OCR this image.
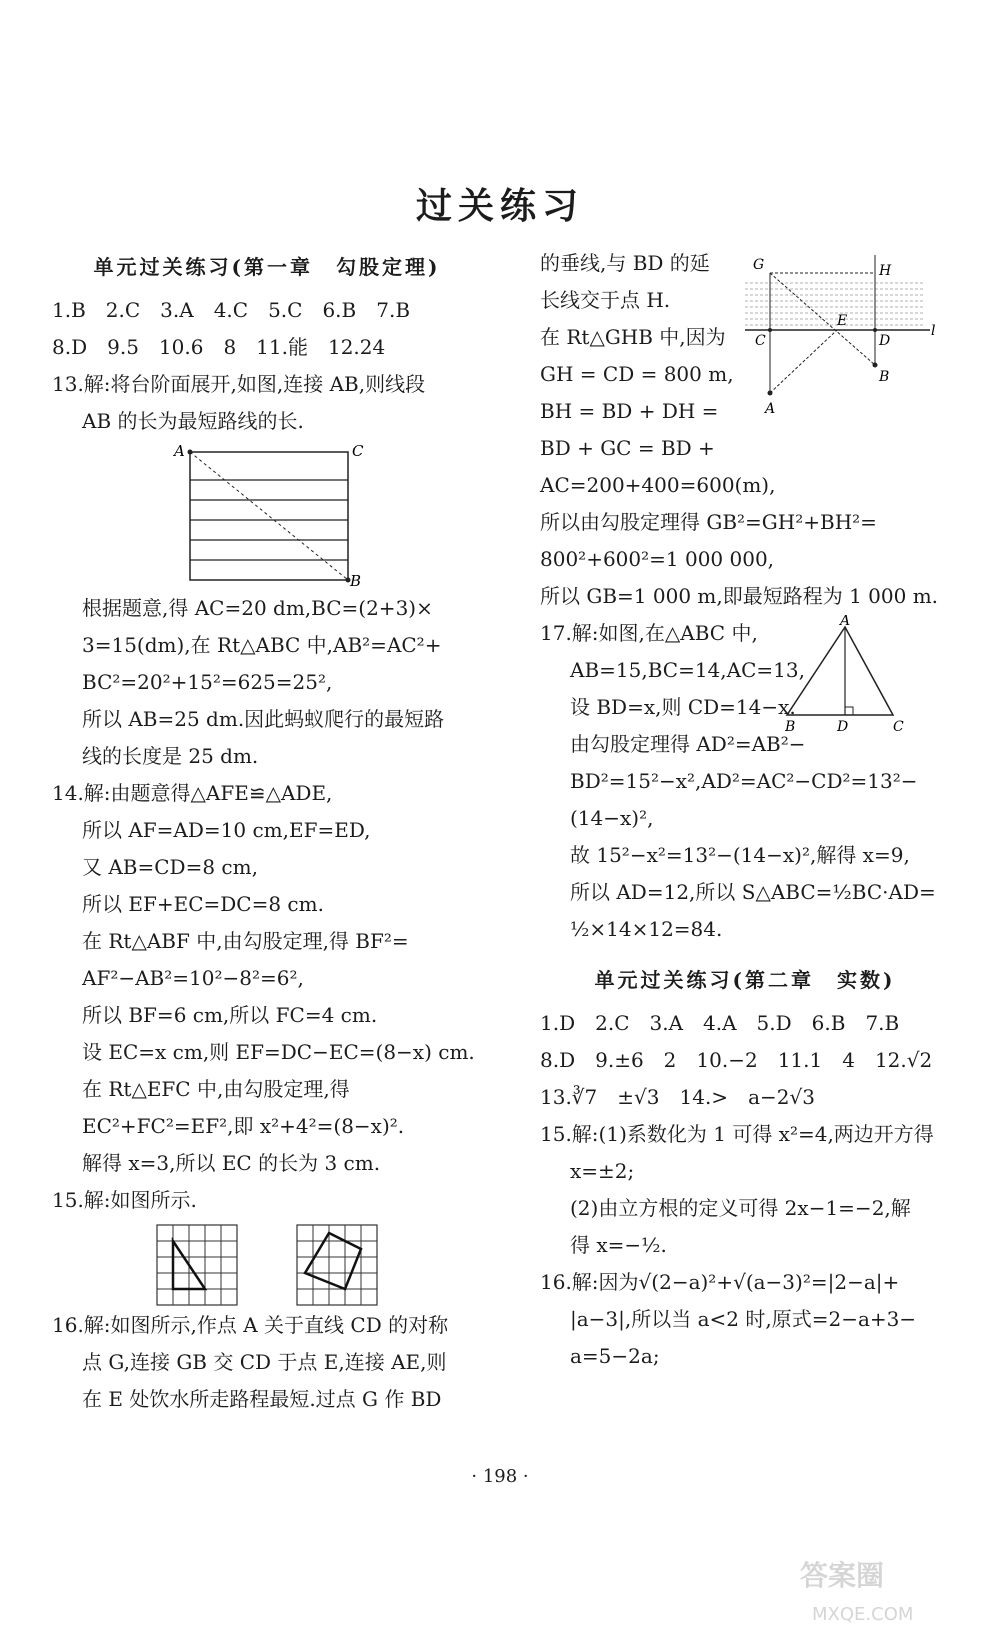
过关练习
单元过关练习(第一章　勾股定理)
1.B　2.C　3.A　4.C　5.C　6.B　7.B
8.D　9.5　10.6　8　11.能　12.24
13.解:将台阶面展开,如图,连接 AB,则线段
AB 的长为最短路线的长.
A	C
B
根据题意,得 AC=20 dm,BC=(2+3)×
3=15(dm),在 Rt△ABC 中,AB²=AC²+
BC²=20²+15²=625=25²,
所以 AB=25 dm.因此蚂蚁爬行的最短路
线的长度是 25 dm.
14.解:由题意得△AFE≌△ADE,
所以 AF=AD=10 cm,EF=ED,
又 AB=CD=8 cm,
所以 EF+EC=DC=8 cm.
在 Rt△ABF 中,由勾股定理,得 BF²=
AF²−AB²=10²−8²=6²,
所以 BF=6 cm,所以 FC=4 cm.
设 EC=x cm,则 EF=DC−EC=(8−x) cm.
在 Rt△EFC 中,由勾股定理,得
EC²+FC²=EF²,即 x²+4²=(8−x)².
解得 x=3,所以 EC 的长为 3 cm.
15.解:如图所示.
16.解:如图所示,作点 A 关于直线 CD 的对称
点 G,连接 GB 交 CD 于点 E,连接 AE,则
在 E 处饮水所走路程最短.过点 G 作 BD
的垂线,与 BD 的延
长线交于点 H.
在 Rt△GHB 中,因为
GH = CD = 800 m,
BH = BD + DH =
BD + GC = BD +
G	H
E
C	D
l
A
B
AC=200+400=600(m),
所以由勾股定理得 GB²=GH²+BH²=
800²+600²=1 000 000,
所以 GB=1 000 m,即最短路程为 1 000 m.
17.解:如图,在△ABC 中,
AB=15,BC=14,AC=13,
设 BD=x,则 CD=14−x.
由勾股定理得 AD²=AB²−
A
B	D	C
BD²=15²−x²,AD²=AC²−CD²=13²−
(14−x)²,
故 15²−x²=13²−(14−x)²,解得 x=9,
所以 AD=12,所以 S△ABC=½BC·AD=
½×14×12=84.
单元过关练习(第二章　实数)
1.D　2.C　3.A　4.A　5.D　6.B　7.B
8.D　9.±6　2　10.−2　11.1　4　12.√2
13.∛7　±√3　14.>　a−2√3
15.解:(1)系数化为 1 可得 x²=4,两边开方得
x=±2;
(2)由立方根的定义可得 2x−1=−2,解
得 x=−½.
16.解:因为√(2−a)²+√(a−3)²=|2−a|+
|a−3|,所以当 a<2 时,原式=2−a+3−
a=5−2a;
· 198 ·
答案圈
MXQE.COM
